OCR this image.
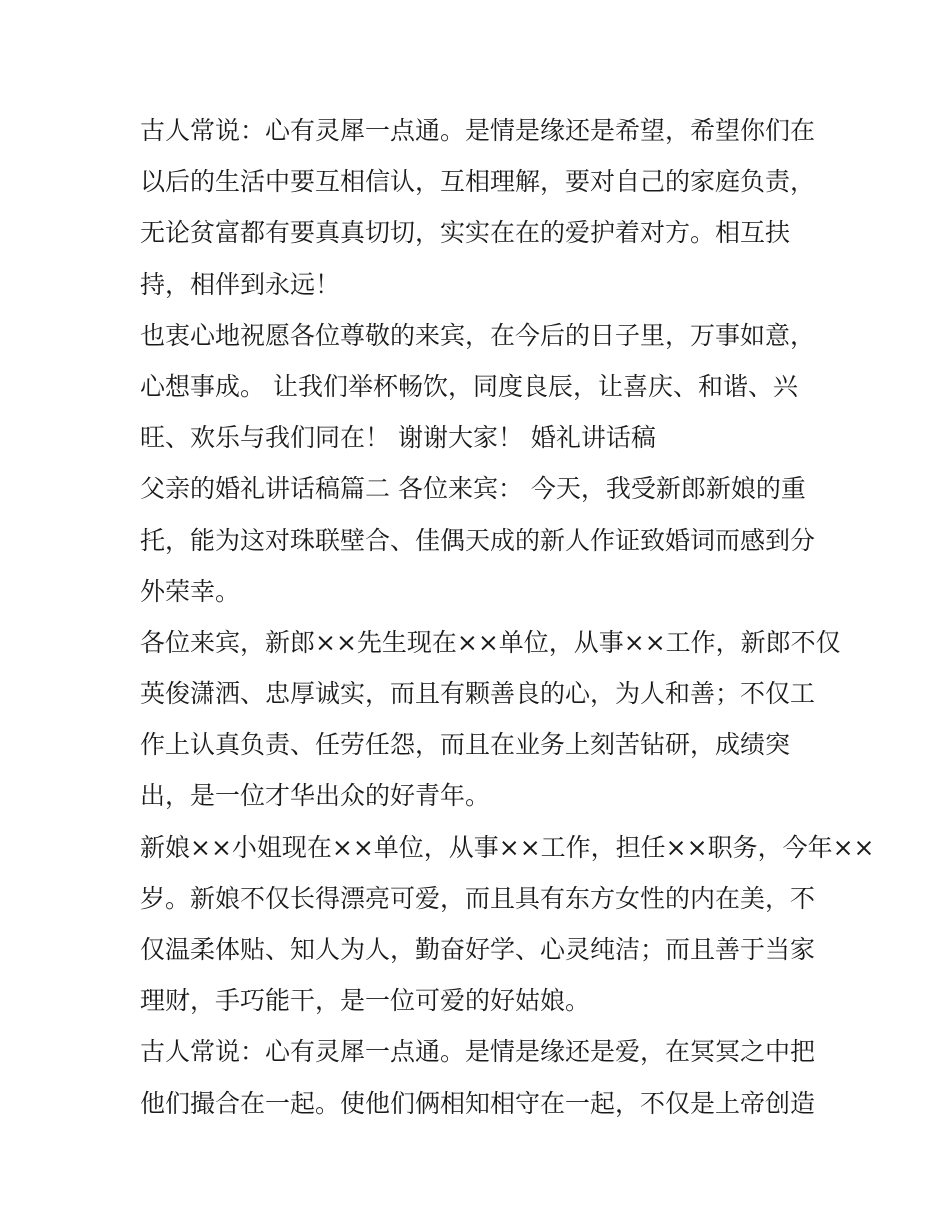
古人常说：心有灵犀一点通。是情是缘还是希望，希望你们在
以后的生活中要互相信认，互相理解，要对自己的家庭负责，
无论贫富都有要真真切切，实实在在的爱护着对方。相互扶
持，相伴到永远！
也衷心地祝愿各位尊敬的来宾，在今后的日子里，万事如意，
心想事成。 让我们举杯畅饮，同度良辰，让喜庆、和谐、兴
旺、欢乐与我们同在！ 谢谢大家！ 婚礼讲话稿
父亲的婚礼讲话稿篇二 各位来宾： 今天，我受新郎新娘的重
托，能为这对珠联壁合、佳偶天成的新人作证致婚词而感到分
外荣幸。
各位来宾，新郎××先生现在××单位，从事××工作，新郎不仅
英俊潇洒、忠厚诚实，而且有颗善良的心，为人和善；不仅工
作上认真负责、任劳任怨，而且在业务上刻苦钻研，成绩突
出，是一位才华出众的好青年。
新娘××小姐现在××单位，从事××工作，担任××职务，今年××
岁。新娘不仅长得漂亮可爱，而且具有东方女性的内在美，不
仅温柔体贴、知人为人，勤奋好学、心灵纯洁；而且善于当家
理财，手巧能干，是一位可爱的好姑娘。
古人常说：心有灵犀一点通。是情是缘还是爱，在冥冥之中把
他们撮合在一起。使他们俩相知相守在一起，不仅是上帝创造
